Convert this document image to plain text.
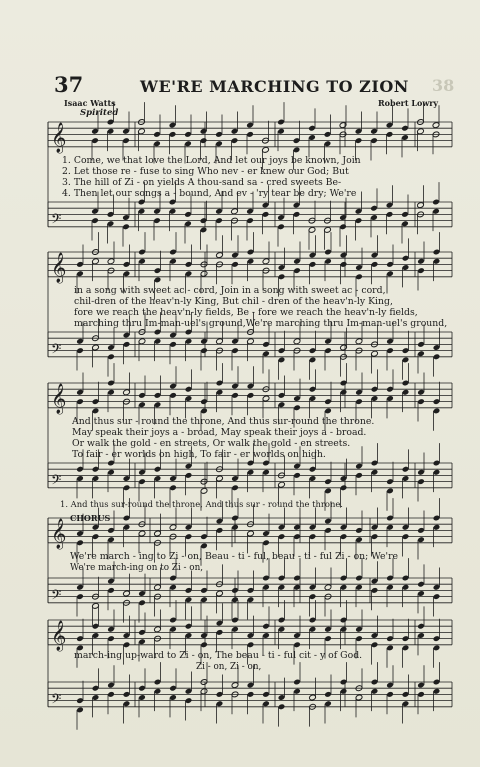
37	WE'RE MARCHING TO ZION 38
Isaac Watts	Robert Lowry
Spirited
𝄞
𝄢
𝄞
𝄢
𝄞
𝄢
𝄞
𝄢
𝄞
𝄢
1. Come, we that love the Lord, And let our joys be known, Join
2. Let those re - fuse to sing Who nev - er knew our God; But
3. The hill of Zi - on yields A thou-sand sa - cred sweets Be-
4. Then let our songs a - bound, And ev - 'ry tear be dry; We're
in a song with sweet ac - cord, Join in a song with sweet ac - cord,
chil-dren of the heav'n-ly King, But chil - dren of the heav'n-ly King,
fore we reach the heav'n-ly fields, Be - fore we reach the heav'n-ly fields,
marching thru Im-man-uel's ground,We're marching thru Im-man-uel's ground,
And thus sur - round the throne, And thus sur-round the throne.
May speak their joys a - broad, May speak their joys a - broad.
Or walk the gold - en streets, Or walk the gold - en streets.
To fair - er worlds on high, To fair - er worlds on high.
1. And thus sur-round the throne, And thus sur - round the throne.
CHORUS
We're march - ing to Zi - on, Beau - ti - ful, beau - ti - ful Zi - on; We're
We're march-ing on to Zi - on,
march-ing up-ward to Zi - on, The beau - ti - ful cit - y of God.
Zi - on, Zi - on,
